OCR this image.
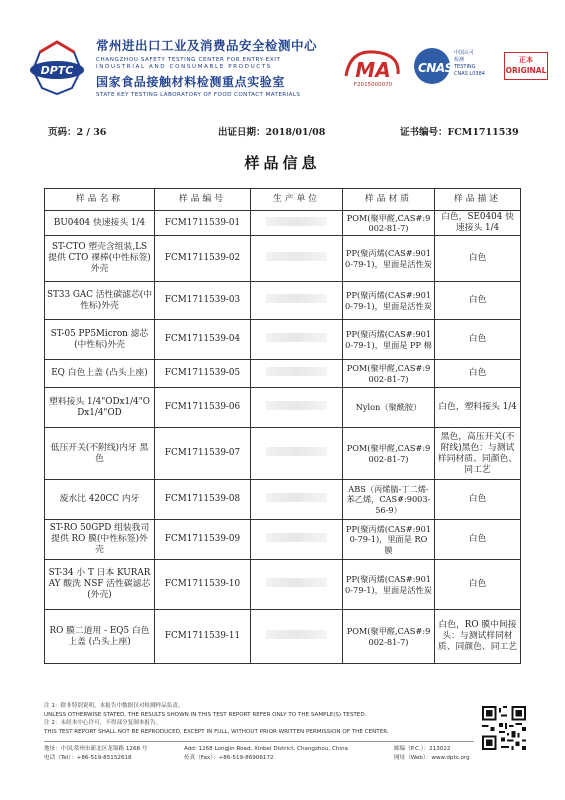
DPTC
常州进出口工业及消费品安全检测中心
CHANGZHOU SAFETY TESTING CENTER FOR ENTRY-EXIT
INDUSTRIAL AND CONSUMABLE PRODUCTS
国家食品接触材料检测重点实验室
STATE KEY TESTING LABORATORY OF FOOD CONTACT MATERIALS
MA
F2015000070
CNAS
中国认可
检测
TESTING
CNAS L0384
正本
ORIGINAL
页码：2 / 36	出证日期：2018/01/08	证书编号：FCM1711539
样品信息
样品名称	样品编号	生产单位	样品材质	样品描述
BU0404 快速接头 1/4	FCM1711539-01		POM(聚甲醛,CAS#:9002-81-7)	白色，SE0404 快速接头 1/4
ST-CTO 塑壳含组装,LS 提供 CTO 裸棒(中性标签)外壳	FCM1711539-02		PP(聚丙烯(CAS#:9010-79-1)，里面是活性炭	白色
ST33 GAC 活性碳滤芯(中性标)外壳	FCM1711539-03		PP(聚丙烯(CAS#:9010-79-1)，里面是活性炭	白色
ST-05 PP5Micron 滤芯(中性标)外壳	FCM1711539-04		PP(聚丙烯(CAS#:9010-79-1)，里面是 PP 棉	白色
EQ 白色上盖 (凸头上座)	FCM1711539-05		POM(聚甲醛,CAS#:9002-81-7)	白色
塑料接头 1/4"ODx1/4"ODx1/4"OD	FCM1711539-06		Nylon（聚酰胺）	白色，塑料接头 1/4
低压开关(不附线)内牙 黑色	FCM1711539-07		POM(聚甲醛,CAS#:9002-81-7)	黑色，高压开关(不附线)黑色：与测试样同材质、同颜色、同工艺
废水比 420CC 内牙	FCM1711539-08		ABS（丙烯腈-丁二烯-苯乙烯，CAS#:9003-56-9）	白色
ST-RO 50GPD 组装我司提供 RO 膜(中性标签)外壳	FCM1711539-09		PP(聚丙烯(CAS#:9010-79-1)，里面是 RO 膜	白色
ST-34 小 T 日本 KURARAY 酸洗 NSF 活性碳滤芯(外壳)	FCM1711539-10		PP(聚丙烯(CAS#:9010-79-1)，里面是活性炭	白色
RO 膜二道用 - EQ5 白色上盖 (凸头上座)	FCM1711539-11		POM(聚甲醛,CAS#:9002-81-7)	白色，RO 膜中间接头：与测试样同材质、同颜色、同工艺
注 1：除非特别说明，本报告中数据仅对检测样品负责。
UNLESS OTHERWISE STATED, THE RESULTS SHOWN IN THIS TEST REPORT REFER ONLY TO THE SAMPLE(S) TESTED.
注 2：未经本中心许可，不得部分复制本报告。
THIS TEST REPORT SHALL NOT BE REPRODUCED, EXCEPT IN FULL, WITHOUT PRIOR WRITTEN PERMISSION OF THE CENTER.
地址：中国,常州市新北区龙锦路 1268 号	Add: 1268 Longjin Road, Xinbei District, Changzhou, China	邮编（P.C.）：213022
电话（Tel）：+86-519-85152618	传真（Fax）：+86-519-86906172	网址（Web）：www.dptc.org
